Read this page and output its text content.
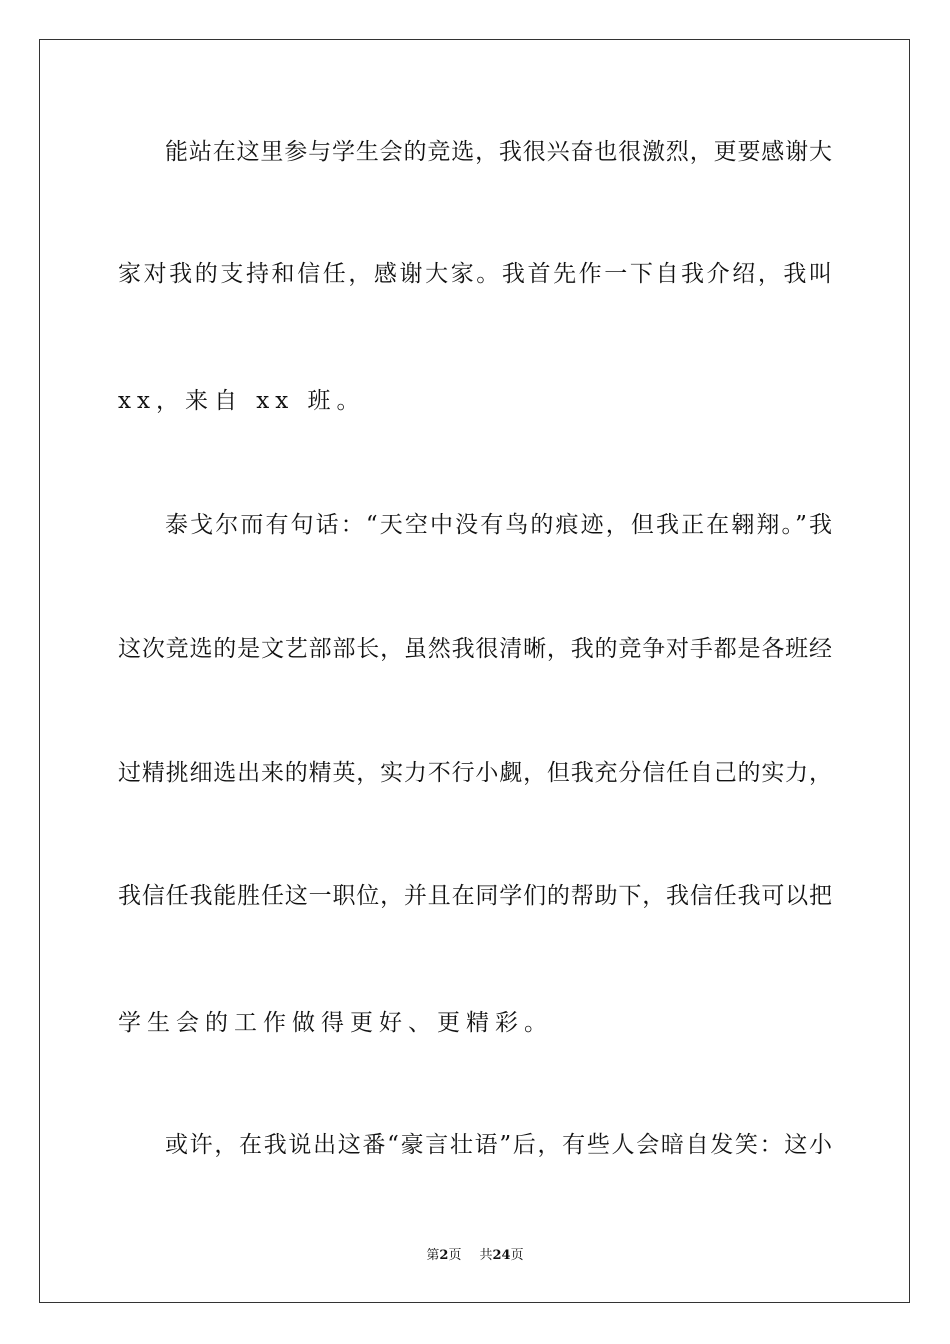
能站在这里参与学生会的竞选，我很兴奋也很激烈，更要感谢大
家对我的支持和信任，感谢大家。我首先作一下自我介绍，我叫
xx，来自 xx 班。
泰戈尔而有句话：“天空中没有鸟的痕迹，但我正在翱翔。”我
这次竞选的是文艺部部长，虽然我很清晰，我的竞争对手都是各班经
过精挑细选出来的精英，实力不行小觑，但我充分信任自己的实力，
我信任我能胜任这一职位，并且在同学们的帮助下，我信任我可以把
学生会的工作做得更好、更精彩。
或许，在我说出这番“豪言壮语”后，有些人会暗自发笑：这小
第2页 共24页
